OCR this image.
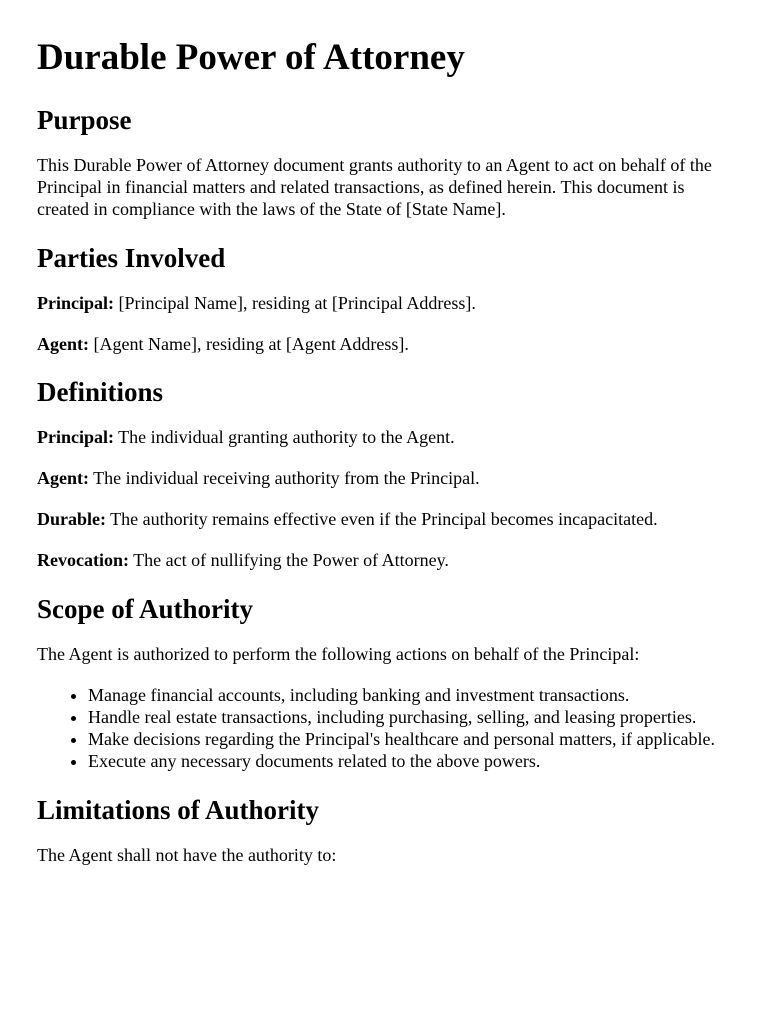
Durable Power of Attorney
Purpose

This Durable Power of Attorney document grants authority to an Agent to act on behalf of the Principal in financial matters and related transactions, as defined herein. This document is created in compliance with the laws of the State of [State Name].

Parties Involved

Principal: [Principal Name], residing at [Principal Address].

Agent: [Agent Name], residing at [Agent Address].

Definitions

Principal: The individual granting authority to the Agent.

Agent: The individual receiving authority from the Principal.

Durable: The authority remains effective even if the Principal becomes incapacitated.

Revocation: The act of nullifying the Power of Attorney.

Scope of Authority

The Agent is authorized to perform the following actions on behalf of the Principal:

• Manage financial accounts, including banking and investment transactions.
• Handle real estate transactions, including purchasing, selling, and leasing properties.
• Make decisions regarding the Principal's healthcare and personal matters, if applicable.
• Execute any necessary documents related to the above powers.
Limitations of Authority

The Agent shall not have the authority to:
